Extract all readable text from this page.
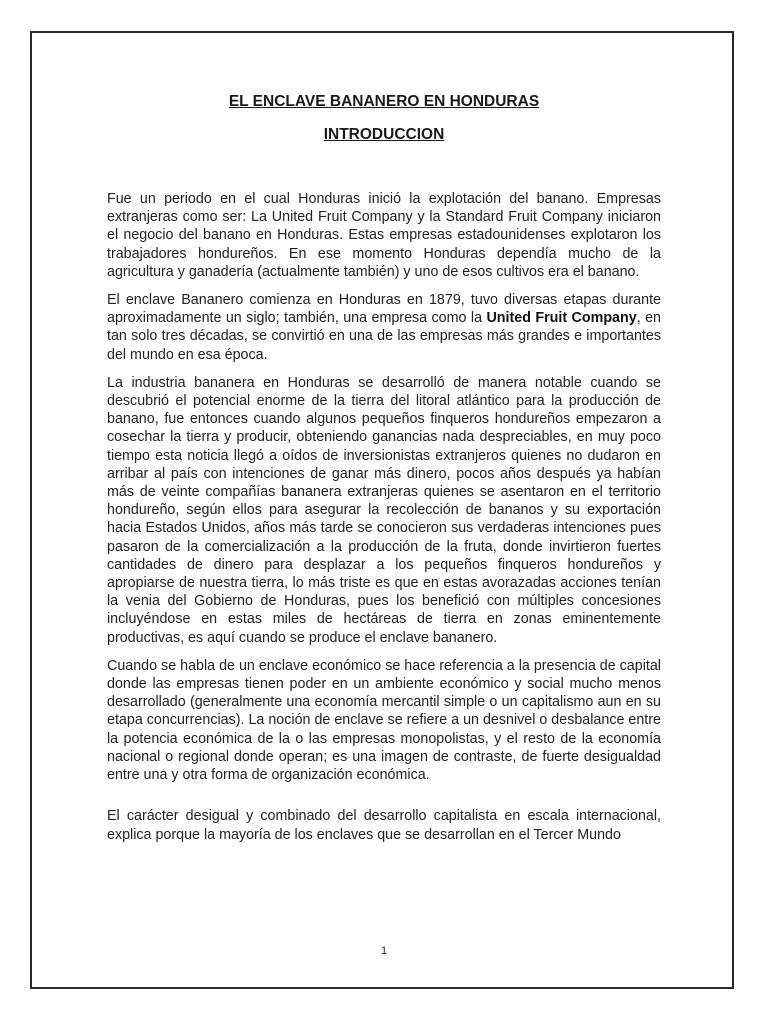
EL ENCLAVE BANANERO EN HONDURAS
INTRODUCCION

Fue un periodo en el cual Honduras inició la explotación del banano. Empresas extranjeras como ser: La United Fruit Company y la Standard Fruit Company iniciaron el negocio del banano en Honduras. Estas empresas estadounidenses explotaron los trabajadores hondureños. En ese momento Honduras dependía mucho de la agricultura y ganadería (actualmente también) y uno de esos cultivos era el banano.

El enclave Bananero comienza en Honduras en 1879, tuvo diversas etapas durante aproximadamente un siglo; también, una empresa como la United Fruit Company, en tan solo tres décadas, se convirtió en una de las empresas más grandes e importantes del mundo en esa época.

La industria bananera en Honduras se desarrolló de manera notable cuando se descubrió el potencial enorme de la tierra del litoral atlántico para la producción de banano, fue entonces cuando algunos pequeños finqueros hondureños empezaron a cosechar la tierra y producir, obteniendo ganancias nada despreciables, en muy poco tiempo esta noticia llegó a oídos de inversionistas extranjeros quienes no dudaron en arribar al país con intenciones de ganar más dinero, pocos años después ya habían más de veinte compañías bananera extranjeras quienes se asentaron en el territorio hondureño, según ellos para asegurar la recolección de bananos y su exportación hacia Estados Unidos, años más tarde se conocieron sus verdaderas intenciones pues pasaron de la comercialización a la producción de la fruta, donde invirtieron fuertes cantidades de dinero para desplazar a los pequeños finqueros hondureños y apropiarse de nuestra tierra, lo más triste es que en estas avorazadas acciones tenían la venia del Gobierno de Honduras, pues los benefició con múltiples concesiones incluyéndose en estas miles de hectáreas de tierra en zonas eminentemente productivas, es aquí cuando se produce el enclave bananero.

Cuando se habla de un enclave económico se hace referencia a la presencia de capital donde las empresas tienen poder en un ambiente económico y social mucho menos desarrollado (generalmente una economía mercantil simple o un capitalismo aun en su etapa concurrencias). La noción de enclave se refiere a un desnivel o desbalance entre la potencia económica de la o las empresas monopolistas, y el resto de la economía nacional o regional donde operan; es una imagen de contraste, de fuerte desigualdad entre una y otra forma de organización económica.

El carácter desigual y combinado del desarrollo capitalista en escala internacional, explica porque la mayoría de los enclaves que se desarrollan en el Tercer Mundo

1
